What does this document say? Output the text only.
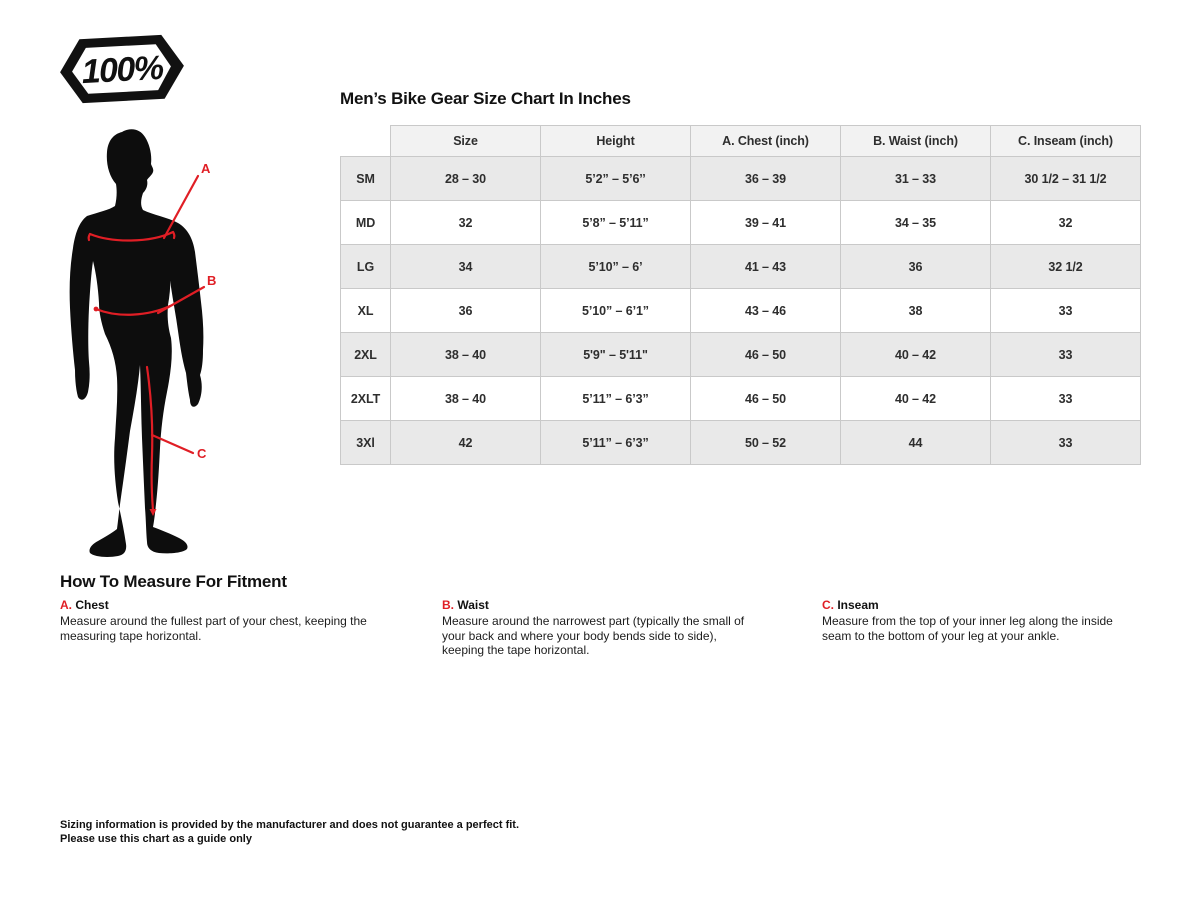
100%
A
B
C
Men’s Bike Gear Size Chart In Inches
	Size	Height	A. Chest (inch)	B. Waist (inch)	C. Inseam (inch)
SM	28 – 30	5’2” – 5’6’’	36 – 39	31 – 33	30 1/2 – 31 1/2
MD	32	5’8” – 5’11”	39 – 41	34 – 35	32
LG	34	5’10” – 6’	41 – 43	36	32 1/2
XL	36	5’10” – 6’1”	43 – 46	38	33
2XL	38 – 40	5'9" – 5'11"	46 – 50	40 – 42	33
2XLT	38 – 40	5’11” – 6’3”	46 – 50	40 – 42	33
3Xl	42	5’11” – 6’3”	50 – 52	44	33
How To Measure For Fitment
A. Chest

Measure around the fullest part of your chest, keeping the measuring tape horizontal.

B. Waist

Measure around the narrowest part (typically the small of your back and where your body bends side to side), keeping the tape horizontal.

C. Inseam

Measure from the top of your inner leg along the inside seam to the bottom of your leg at your ankle.

Sizing information is provided by the manufacturer and does not guarantee a perfect fit.
Please use this chart as a guide only
